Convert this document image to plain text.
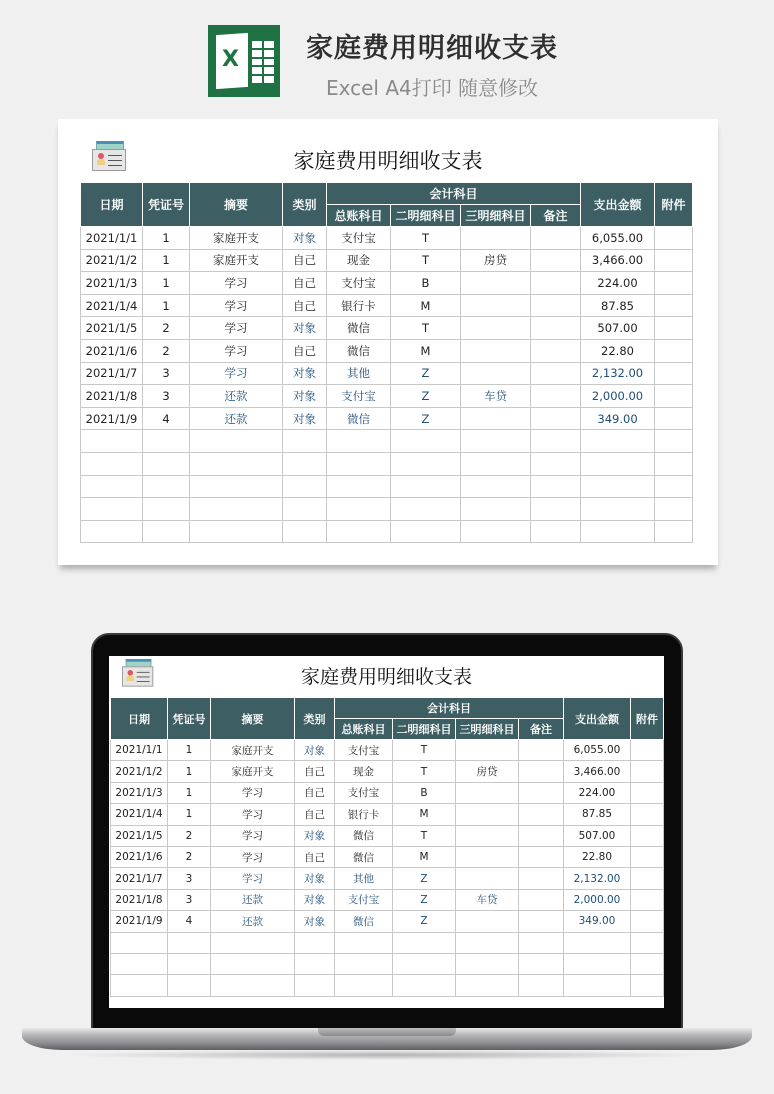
X 家庭费用明细收支表
Excel A4打印 随意修改
家庭费用明细收支表
日期	凭证号	摘要	类别	会计科目				支出金额	附件
				总账科目	二明细科目	三明细科目	备注		
2021/1/1	1	家庭开支	对象	支付宝	T			6,055.00	
2021/1/2	1	家庭开支	自己	现金	T	房贷		3,466.00	
2021/1/3	1	学习	自己	支付宝	B			224.00	
2021/1/4	1	学习	自己	银行卡	M			87.85	
2021/1/5	2	学习	对象	微信	T			507.00	
2021/1/6	2	学习	自己	微信	M			22.80	
2021/1/7	3	学习	对象	其他	Z			2,132.00	
2021/1/8	3	还款	对象	支付宝	Z	车贷		2,000.00	
2021/1/9	4	还款	对象	微信	Z			349.00	

家庭费用明细收支表
日期	凭证号	摘要	类别	会计科目				支出金额	附件
				总账科目	二明细科目	三明细科目	备注		
2021/1/1	1	家庭开支	对象	支付宝	T			6,055.00	
2021/1/2	1	家庭开支	自己	现金	T	房贷		3,466.00	
2021/1/3	1	学习	自己	支付宝	B			224.00	
2021/1/4	1	学习	自己	银行卡	M			87.85	
2021/1/5	2	学习	对象	微信	T			507.00	
2021/1/6	2	学习	自己	微信	M			22.80	
2021/1/7	3	学习	对象	其他	Z			2,132.00	
2021/1/8	3	还款	对象	支付宝	Z	车贷		2,000.00	
2021/1/9	4	还款	对象	微信	Z			349.00	
